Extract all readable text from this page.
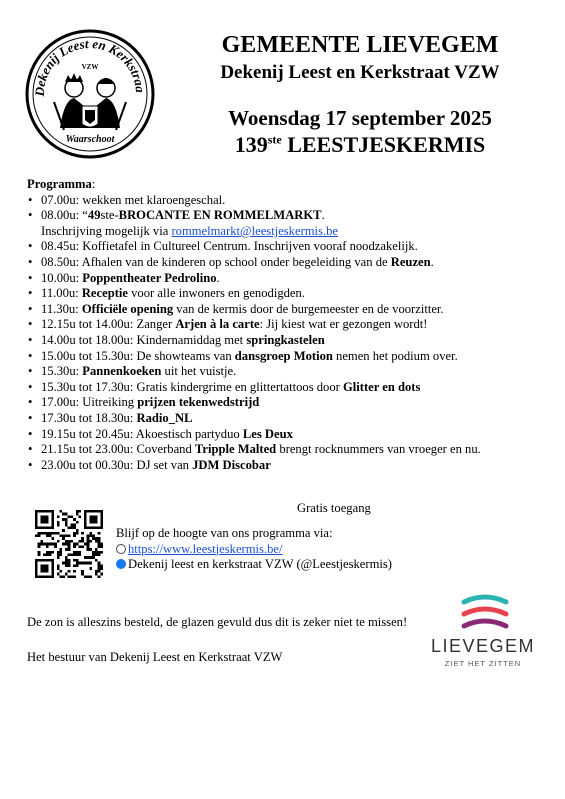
Dekenij Leest en Kerkstraa
VZW
Waarschoot
GEMEENTE LIEVEGEM
Dekenij Leest en Kerkstraat VZW
Woensdag 17 september 2025
139ste LEESTJESKERMIS
Programma:
• 07.00u: wekken met klaroengeschal.
• 08.00u: “49ste-BROCANTE EN ROMMELMARKT.
Inschrijving mogelijk via rommelmarkt@leestjeskermis.be
• 08.45u: Koffietafel in Cultureel Centrum. Inschrijven vooraf noodzakelijk.
• 08.50u: Afhalen van de kinderen op school onder begeleiding van de Reuzen.
• 10.00u: Poppentheater Pedrolino.
• 11.00u: Receptie voor alle inwoners en genodigden.
• 11.30u: Officiële opening van de kermis door de burgemeester en de voorzitter.
• 12.15u tot 14.00u: Zanger Arjen à la carte: Jij kiest wat er gezongen wordt!
• 14.00u tot 18.00u: Kindernamiddag met springkastelen
• 15.00u tot 15.30u: De showteams van dansgroep Motion nemen het podium over.
• 15.30u: Pannenkoeken uit het vuistje.
• 15.30u tot 17.30u: Gratis kindergrime en glittertattoos door Glitter en dots
• 17.00u: Uitreiking prijzen tekenwedstrijd
• 17.30u tot 18.30u: Radio_NL
• 19.15u tot 20.45u: Akoestisch partyduo Les Deux
• 21.15u tot 23.00u: Coverband Tripple Malted brengt rocknummers van vroeger en nu.
• 23.00u tot 00.30u: DJ set van JDM Discobar
Gratis toegang
Blijf op de hoogte van ons programma via:
https://www.leestjeskermis.be/
Dekenij leest en kerkstraat VZW (@Leestjeskermis)
De zon is alleszins besteld, de glazen gevuld dus dit is zeker niet te missen!
Het bestuur van Dekenij Leest en Kerkstraat VZW
LIEVEGEM
ZIET HET ZITTEN
